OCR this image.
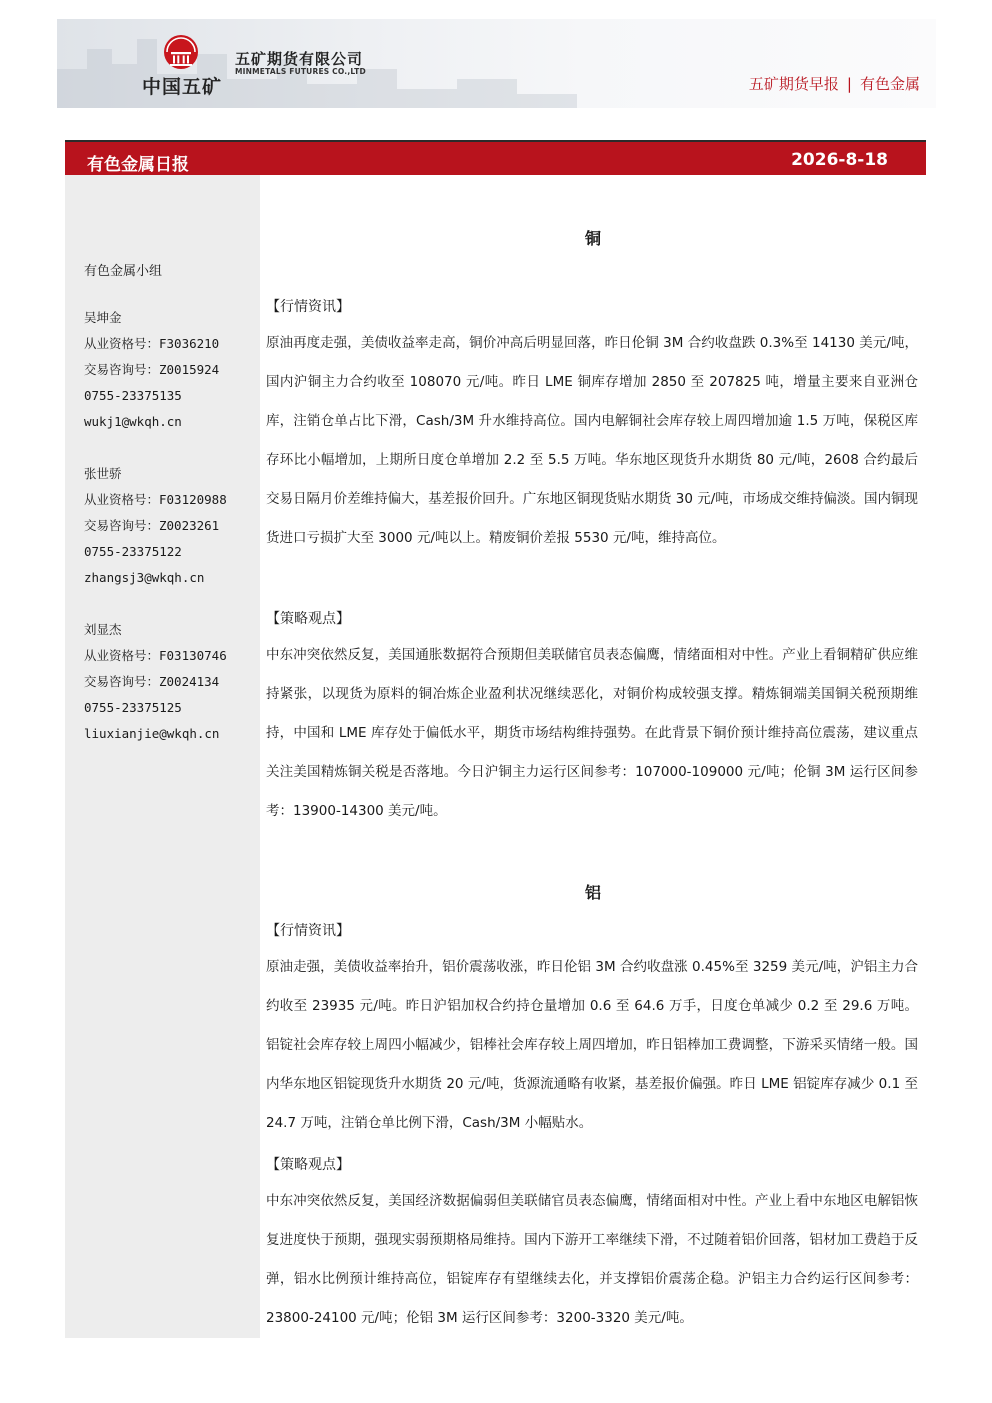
中国五矿
五矿期货有限公司
MINMETALS FUTURES CO.,LTD
五矿期货早报 | 有色金属
有色金属日报	2026-8-18
有色金属小组
吴坤金
从业资格号：F3036210
交易咨询号：Z0015924
0755-23375135
wukj1@wkqh.cn
张世骄
从业资格号：F03120988
交易咨询号：Z0023261
0755-23375122
zhangsj3@wkqh.cn
刘显杰
从业资格号：F03130746
交易咨询号：Z0024134
0755-23375125
liuxianjie@wkqh.cn
铜
【行情资讯】

原油再度走强，美债收益率走高，铜价冲高后明显回落，昨日伦铜 3M 合约收盘跌 0.3%至 14130 美元/吨，国内沪铜主力合约收至 108070 元/吨。昨日 LME 铜库存增加 2850 至 207825 吨，增量主要来自亚洲仓库，注销仓单占比下滑，Cash/3M 升水维持高位。国内电解铜社会库存较上周四增加逾 1.5 万吨，保税区库存环比小幅增加，上期所日度仓单增加 2.2 至 5.5 万吨。华东地区现货升水期货 80 元/吨，2608 合约最后交易日隔月价差维持偏大，基差报价回升。广东地区铜现货贴水期货 30 元/吨，市场成交维持偏淡。国内铜现货进口亏损扩大至 3000 元/吨以上。精废铜价差报 5530 元/吨，维持高位。

【策略观点】

中东冲突依然反复，美国通胀数据符合预期但美联储官员表态偏鹰，情绪面相对中性。产业上看铜精矿供应维持紧张，以现货为原料的铜冶炼企业盈利状况继续恶化，对铜价构成较强支撑。精炼铜端美国铜关税预期维持，中国和 LME 库存处于偏低水平，期货市场结构维持强势。在此背景下铜价预计维持高位震荡，建议重点关注美国精炼铜关税是否落地。今日沪铜主力运行区间参考：107000-109000 元/吨；伦铜 3M 运行区间参考：13900-14300 美元/吨。

铝
【行情资讯】

原油走强，美债收益率抬升，铝价震荡收涨，昨日伦铝 3M 合约收盘涨 0.45%至 3259 美元/吨，沪铝主力合约收至 23935 元/吨。昨日沪铝加权合约持仓量增加 0.6 至 64.6 万手，日度仓单减少 0.2 至 29.6 万吨。铝锭社会库存较上周四小幅减少，铝棒社会库存较上周四增加，昨日铝棒加工费调整，下游采买情绪一般。国内华东地区铝锭现货升水期货 20 元/吨，货源流通略有收紧，基差报价偏强。昨日 LME 铝锭库存减少 0.1 至 24.7 万吨，注销仓单比例下滑，Cash/3M 小幅贴水。

【策略观点】

中东冲突依然反复，美国经济数据偏弱但美联储官员表态偏鹰，情绪面相对中性。产业上看中东地区电解铝恢复进度快于预期，强现实弱预期格局维持。国内下游开工率继续下滑，不过随着铝价回落，铝材加工费趋于反弹，铝水比例预计维持高位，铝锭库存有望继续去化，并支撑铝价震荡企稳。沪铝主力合约运行区间参考：23800-24100 元/吨；伦铝 3M 运行区间参考：3200-3320 美元/吨。
